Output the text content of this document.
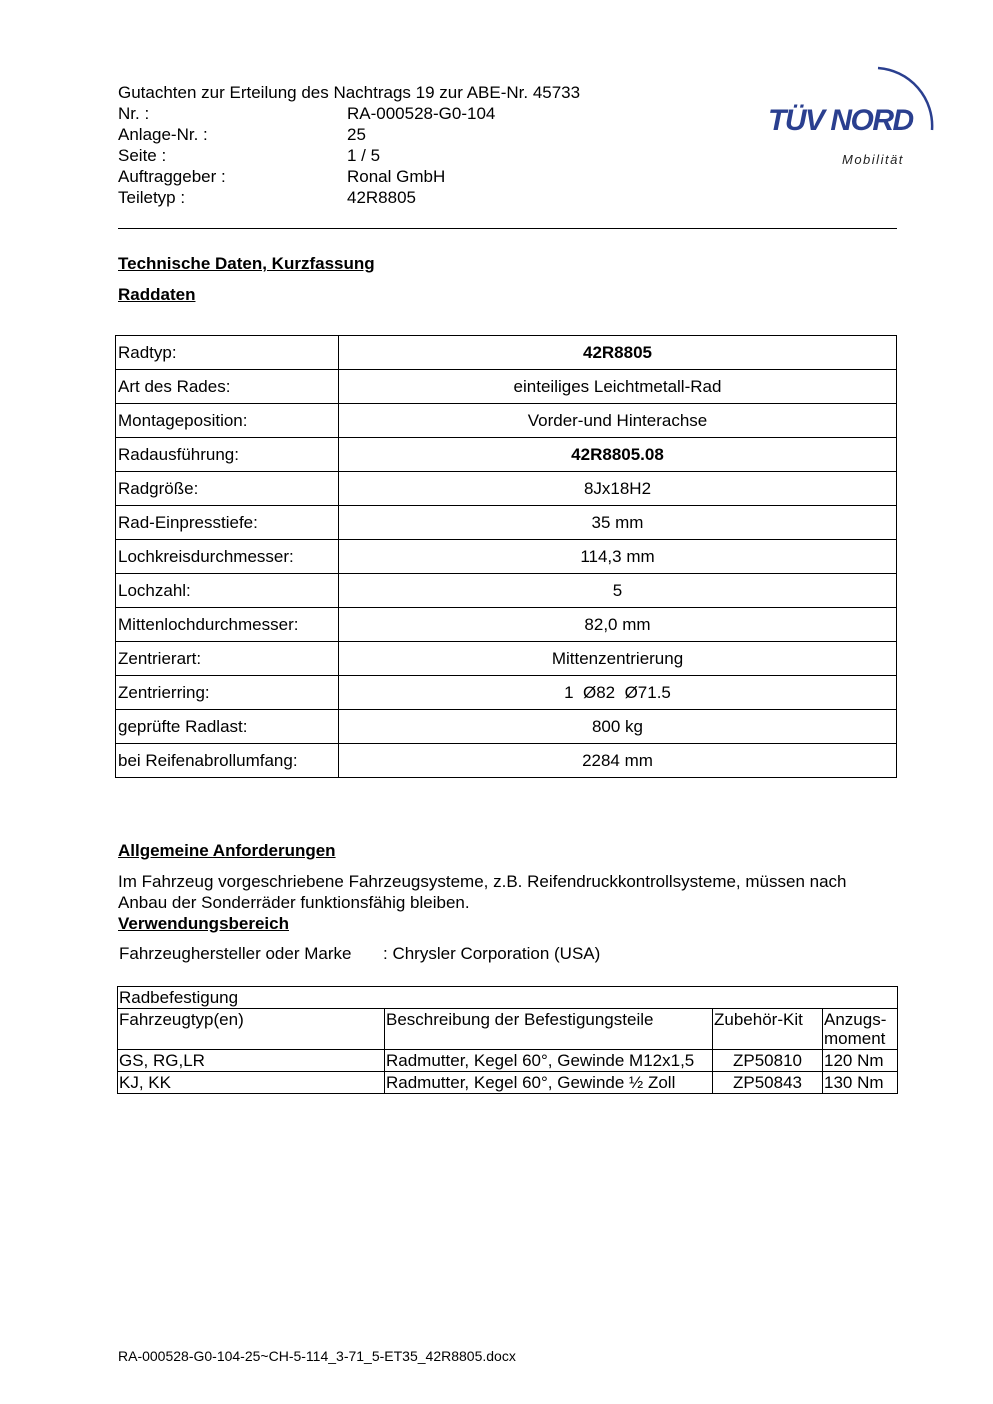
Gutachten zur Erteilung des Nachtrags 19 zur ABE-Nr. 45733
Nr. :	RA-000528-G0-104
Anlage-Nr. :	25
Seite :	1 / 5
Auftraggeber :	Ronal GmbH
Teiletyp :	42R8805
TÜV NORD
Mobilität
Technische Daten, Kurzfassung
Raddaten
Radtyp:	42R8805
Art des Rades:	einteiliges Leichtmetall-Rad
Montageposition:	Vorder-und Hinterachse
Radausführung:	42R8805.08
Radgröße:	8Jx18H2
Rad-Einpresstiefe:	35 mm
Lochkreisdurchmesser:	114,3 mm
Lochzahl:	5
Mittenlochdurchmesser:	82,0 mm
Zentrierart:	Mittenzentrierung
Zentrierring:	1  Ø82  Ø71.5
geprüfte Radlast:	800 kg
bei Reifenabrollumfang:	2284 mm
Allgemeine Anforderungen
Im Fahrzeug vorgeschriebene Fahrzeugsysteme, z.B. Reifendruckkontrollsysteme, müssen nach Anbau der Sonderräder funktionsfähig bleiben.
Verwendungsbereich
Fahrzeughersteller oder Marke : Chrysler Corporation (USA)
Radbefestigung			
Fahrzeugtyp(en)	Beschreibung der Befestigungsteile	Zubehör-Kit	Anzugs-moment
GS, RG,LR	Radmutter, Kegel 60°, Gewinde M12x1,5	ZP50810	120 Nm
KJ, KK	Radmutter, Kegel 60°, Gewinde ½ Zoll	ZP50843	130 Nm
RA-000528-G0-104-25~CH-5-114_3-71_5-ET35_42R8805.docx
